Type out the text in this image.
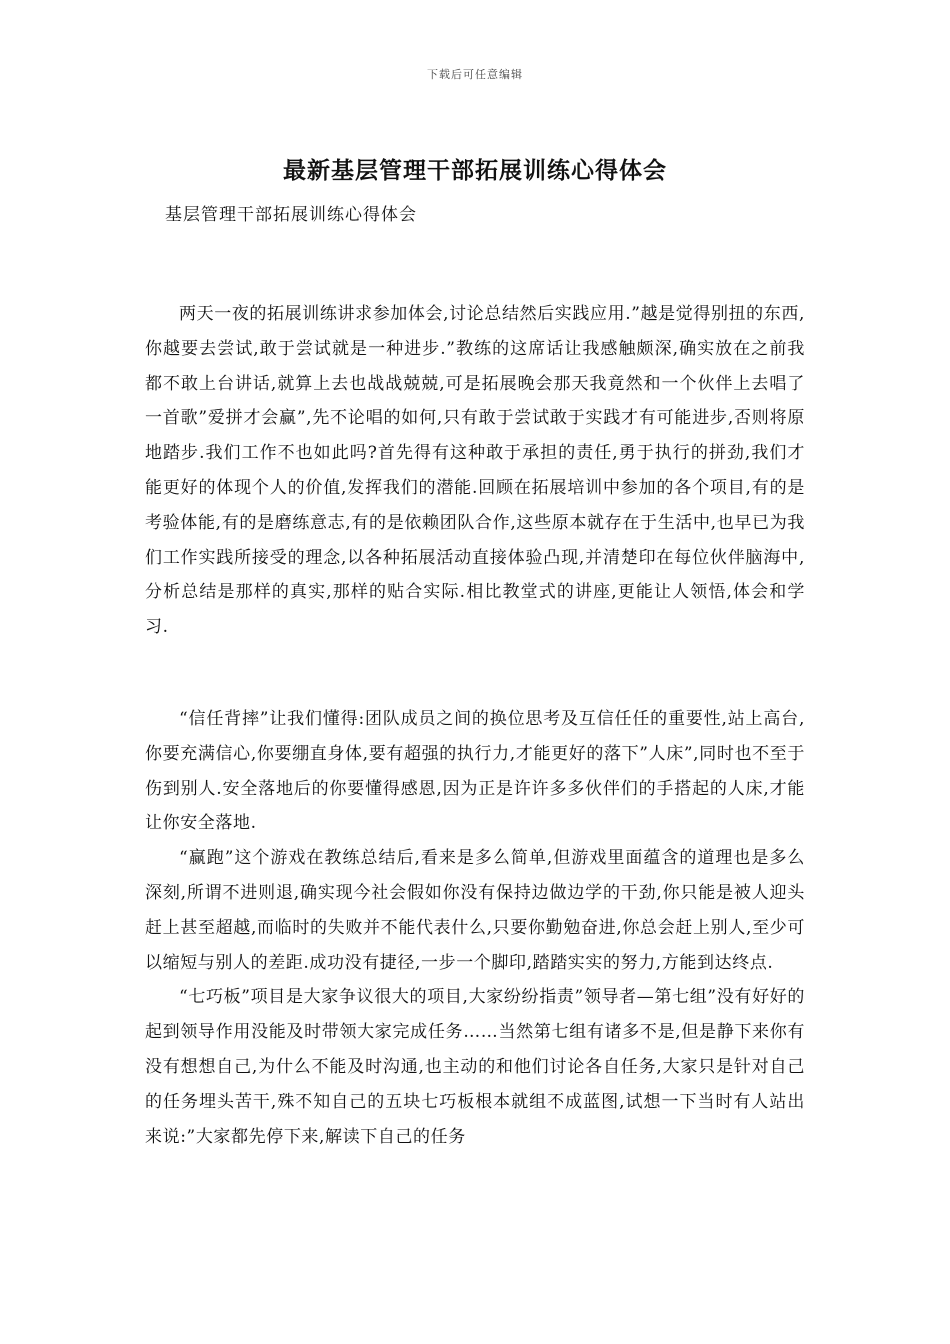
下载后可任意编辑
最新基层管理干部拓展训练心得体会
基层管理干部拓展训练心得体会

两天一夜的拓展训练讲求参加体会,讨论总结然后实践应用.”越是觉得别扭的东西,你越要去尝试,敢于尝试就是一种进步.”教练的这席话让我感触颇深,确实放在之前我都不敢上台讲话,就算上去也战战兢兢,可是拓展晚会那天我竟然和一个伙伴上去唱了一首歌”爱拼才会赢”,先不论唱的如何,只有敢于尝试敢于实践才有可能进步,否则将原地踏步.我们工作不也如此吗?首先得有这种敢于承担的责任,勇于执行的拼劲,我们才能更好的体现个人的价值,发挥我们的潜能.回顾在拓展培训中参加的各个项目,有的是考验体能,有的是磨练意志,有的是依赖团队合作,这些原本就存在于生活中,也早已为我们工作实践所接受的理念,以各种拓展活动直接体验凸现,并清楚印在每位伙伴脑海中,分析总结是那样的真实,那样的贴合实际.相比教堂式的讲座,更能让人领悟,体会和学习.

“信任背摔”让我们懂得:团队成员之间的换位思考及互信任任的重要性,站上高台,你要充满信心,你要绷直身体,要有超强的执行力,才能更好的落下”人床”,同时也不至于伤到别人.安全落地后的你要懂得感恩,因为正是许许多多伙伴们的手搭起的人床,才能让你安全落地.

“赢跑”这个游戏在教练总结后,看来是多么简单,但游戏里面蕴含的道理也是多么深刻,所谓不进则退,确实现今社会假如你没有保持边做边学的干劲,你只能是被人迎头赶上甚至超越,而临时的失败并不能代表什么,只要你勤勉奋进,你总会赶上别人,至少可以缩短与别人的差距.成功没有捷径,一步一个脚印,踏踏实实的努力,方能到达终点.

“七巧板”项目是大家争议很大的项目,大家纷纷指责”领导者—第七组”没有好好的起到领导作用没能及时带领大家完成任务……当然第七组有诸多不是,但是静下来你有没有想想自己,为什么不能及时沟通,也主动的和他们讨论各自任务,大家只是针对自己的任务埋头苦干,殊不知自己的五块七巧板根本就组不成蓝图,试想一下当时有人站出来说:”大家都先停下来,解读下自己的任务
